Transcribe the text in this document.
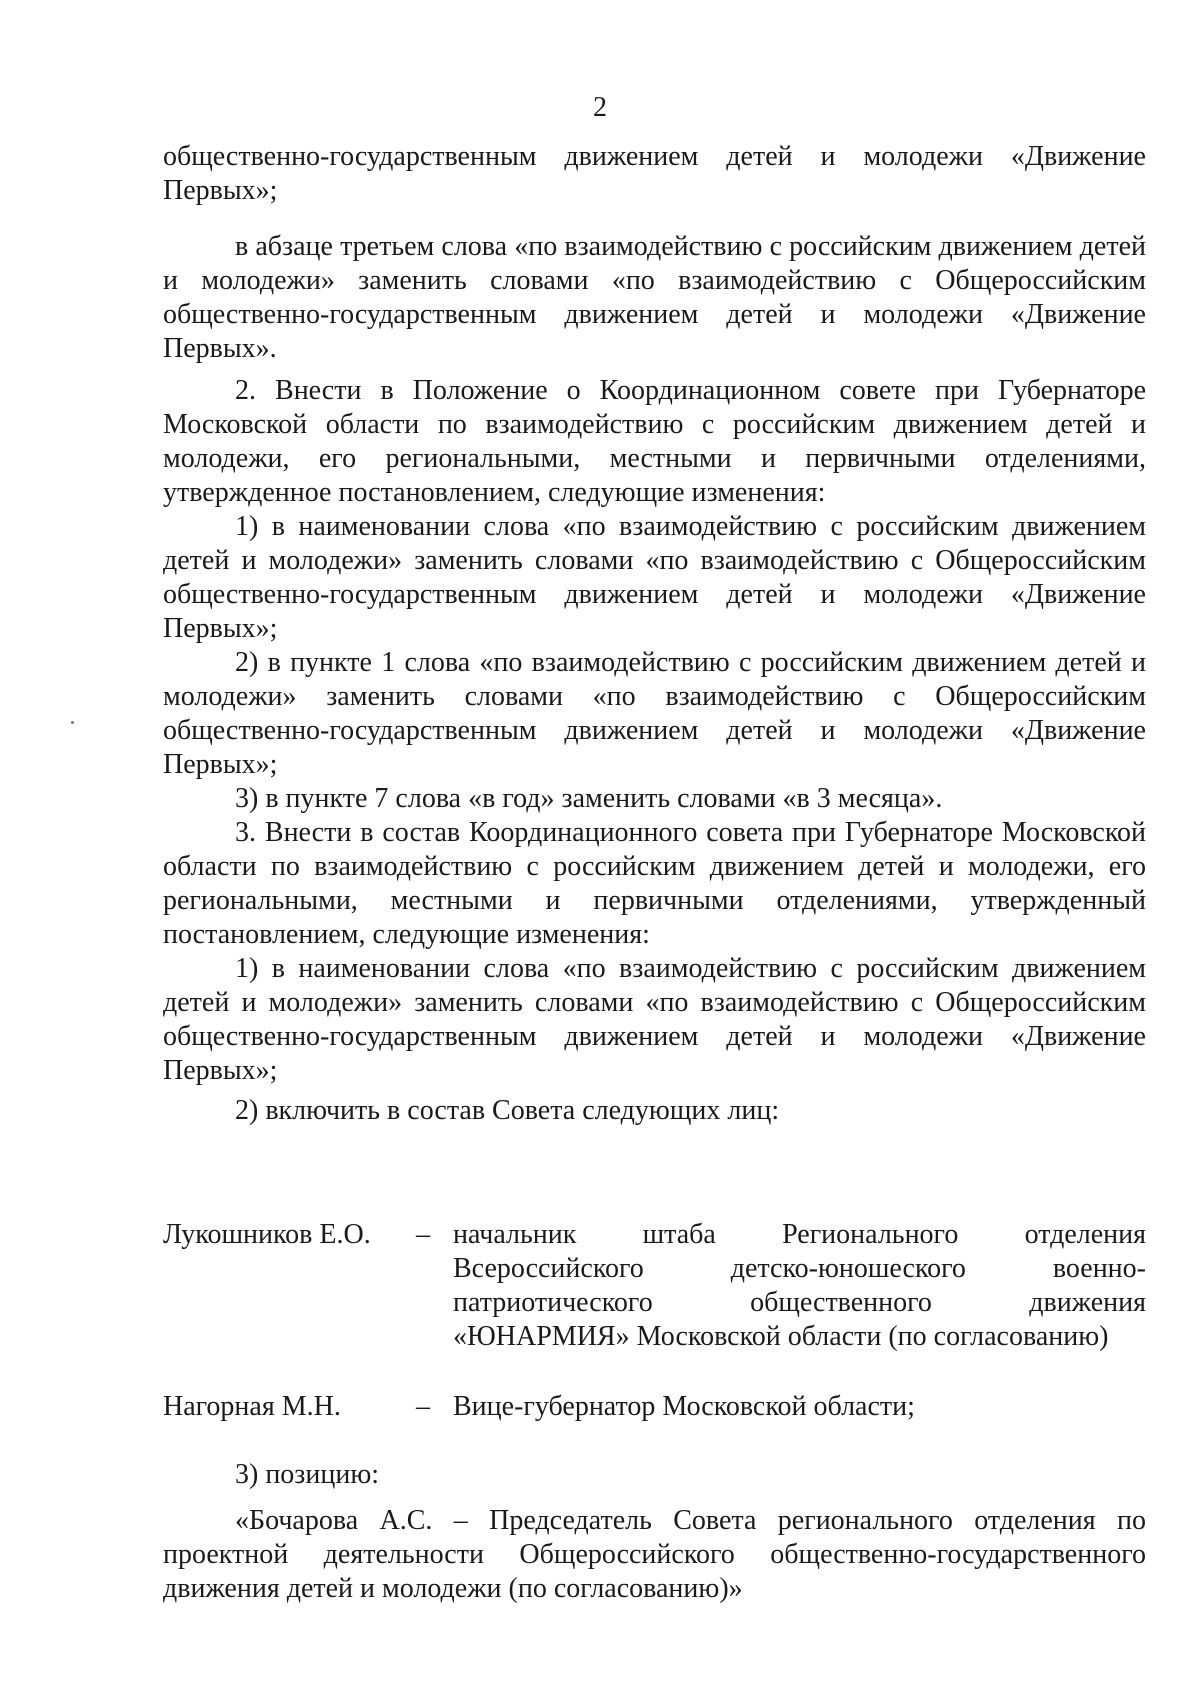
2

общественно-государственным движением детей и молодежи «Движение Первых»;

в абзаце третьем слова «по взаимодействию с российским движением детей и молодежи» заменить словами «по взаимодействию с Общероссийским общественно-государственным движением детей и молодежи «Движение Первых».

2. Внести в Положение о Координационном совете при Губернаторе Московской области по взаимодействию с российским движением детей и молодежи, его региональными, местными и первичными отделениями, утвержденное постановлением, следующие изменения:

1) в наименовании слова «по взаимодействию с российским движением детей и молодежи» заменить словами «по взаимодействию с Общероссийским общественно-государственным движением детей и молодежи «Движение Первых»;

2) в пункте 1 слова «по взаимодействию с российским движением детей и молодежи» заменить словами «по взаимодействию с Общероссийским общественно-государственным движением детей и молодежи «Движение Первых»;

3) в пункте 7 слова «в год» заменить словами «в 3 месяца».

3. Внести в состав Координационного совета при Губернаторе Московской области по взаимодействию с российским движением детей и молодежи, его региональными, местными и первичными отделениями, утвержденный постановлением, следующие изменения:

1) в наименовании слова «по взаимодействию с российским движением детей и молодежи» заменить словами «по взаимодействию с Общероссийским общественно-государственным движением детей и молодежи «Движение Первых»;

2) включить в состав Совета следующих лиц:

Лукошников Е.О.	– начальник штаба Регионального отделения Всероссийского детско-юношеского военно-патриотического общественного движения «ЮНАРМИЯ» Московской области (по согласованию)
Нагорная М.Н.	– Вице-губернатор Московской области;

3) позицию:

«Бочарова А.С. – Председатель Совета регионального отделения по проектной деятельности Общероссийского общественно-государственного движения детей и молодежи (по согласованию)»
